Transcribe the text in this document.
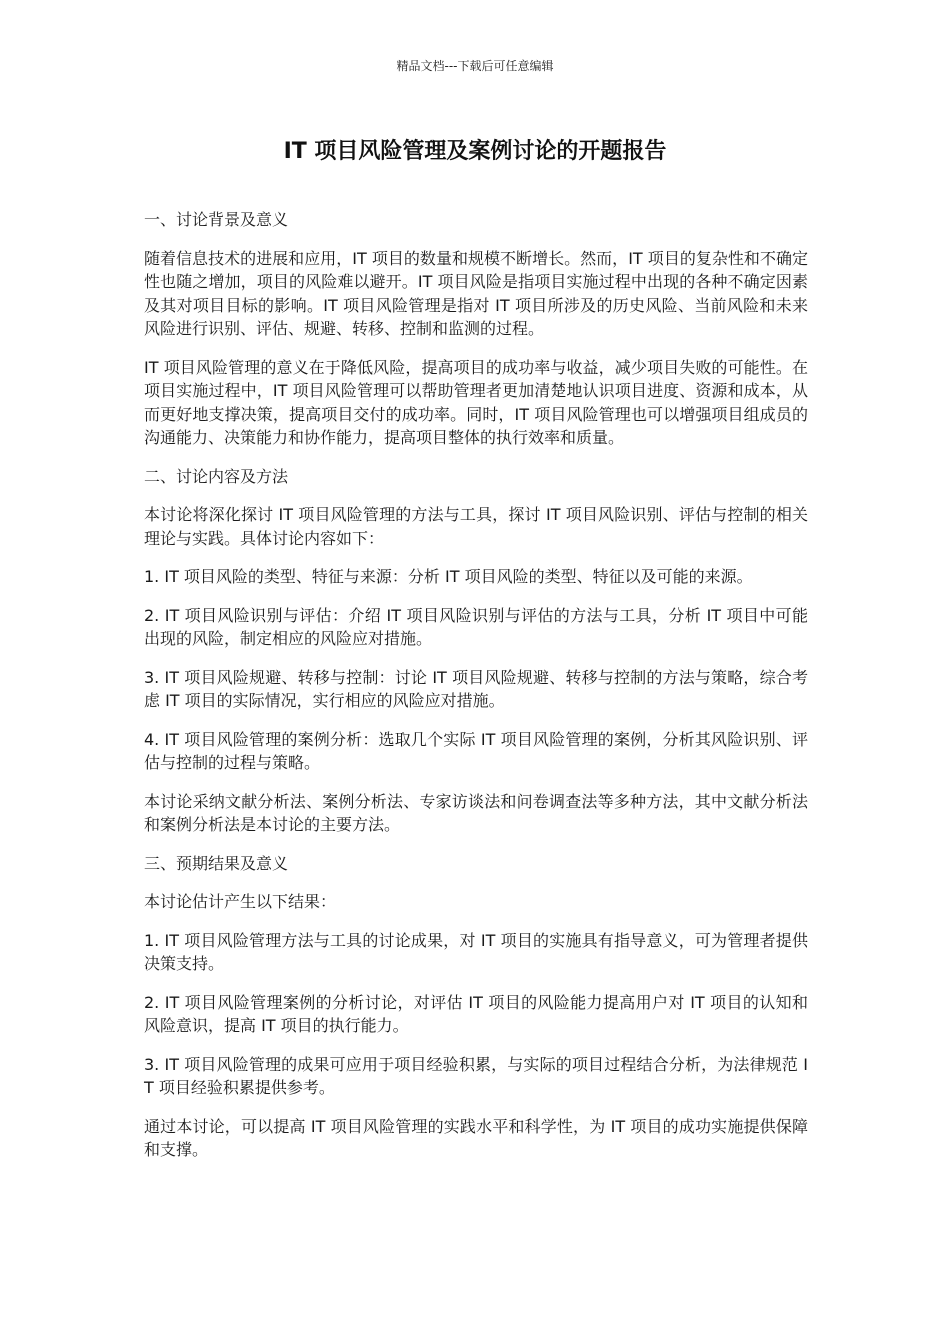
精品文档---下载后可任意编辑
IT 项目风险管理及案例讨论的开题报告

一、讨论背景及意义

随着信息技术的进展和应用，IT 项目的数量和规模不断增长。然而，IT 项目的复杂性和不确定性也随之增加，项目的风险难以避开。IT 项目风险是指项目实施过程中出现的各种不确定因素及其对项目目标的影响。IT 项目风险管理是指对 IT 项目所涉及的历史风险、当前风险和未来风险进行识别、评估、规避、转移、控制和监测的过程。

IT 项目风险管理的意义在于降低风险，提高项目的成功率与收益，减少项目失败的可能性。在项目实施过程中，IT 项目风险管理可以帮助管理者更加清楚地认识项目进度、资源和成本，从而更好地支撑决策，提高项目交付的成功率。同时，IT 项目风险管理也可以增强项目组成员的沟通能力、决策能力和协作能力，提高项目整体的执行效率和质量。

二、讨论内容及方法

本讨论将深化探讨 IT 项目风险管理的方法与工具，探讨 IT 项目风险识别、评估与控制的相关理论与实践。具体讨论内容如下：

1. IT 项目风险的类型、特征与来源：分析 IT 项目风险的类型、特征以及可能的来源。

2. IT 项目风险识别与评估：介绍 IT 项目风险识别与评估的方法与工具，分析 IT 项目中可能出现的风险，制定相应的风险应对措施。

3. IT 项目风险规避、转移与控制：讨论 IT 项目风险规避、转移与控制的方法与策略，综合考虑 IT 项目的实际情况，实行相应的风险应对措施。

4. IT 项目风险管理的案例分析：选取几个实际 IT 项目风险管理的案例，分析其风险识别、评估与控制的过程与策略。

本讨论采纳文献分析法、案例分析法、专家访谈法和问卷调查法等多种方法，其中文献分析法和案例分析法是本讨论的主要方法。

三、预期结果及意义

本讨论估计产生以下结果：

1. IT 项目风险管理方法与工具的讨论成果，对 IT 项目的实施具有指导意义，可为管理者提供决策支持。

2. IT 项目风险管理案例的分析讨论，对评估 IT 项目的风险能力提高用户对 IT 项目的认知和风险意识，提高 IT 项目的执行能力。

3. IT 项目风险管理的成果可应用于项目经验积累，与实际的项目过程结合分析，为法律规范 IT 项目经验积累提供参考。

通过本讨论，可以提高 IT 项目风险管理的实践水平和科学性，为 IT 项目的成功实施提供保障和支撑。
